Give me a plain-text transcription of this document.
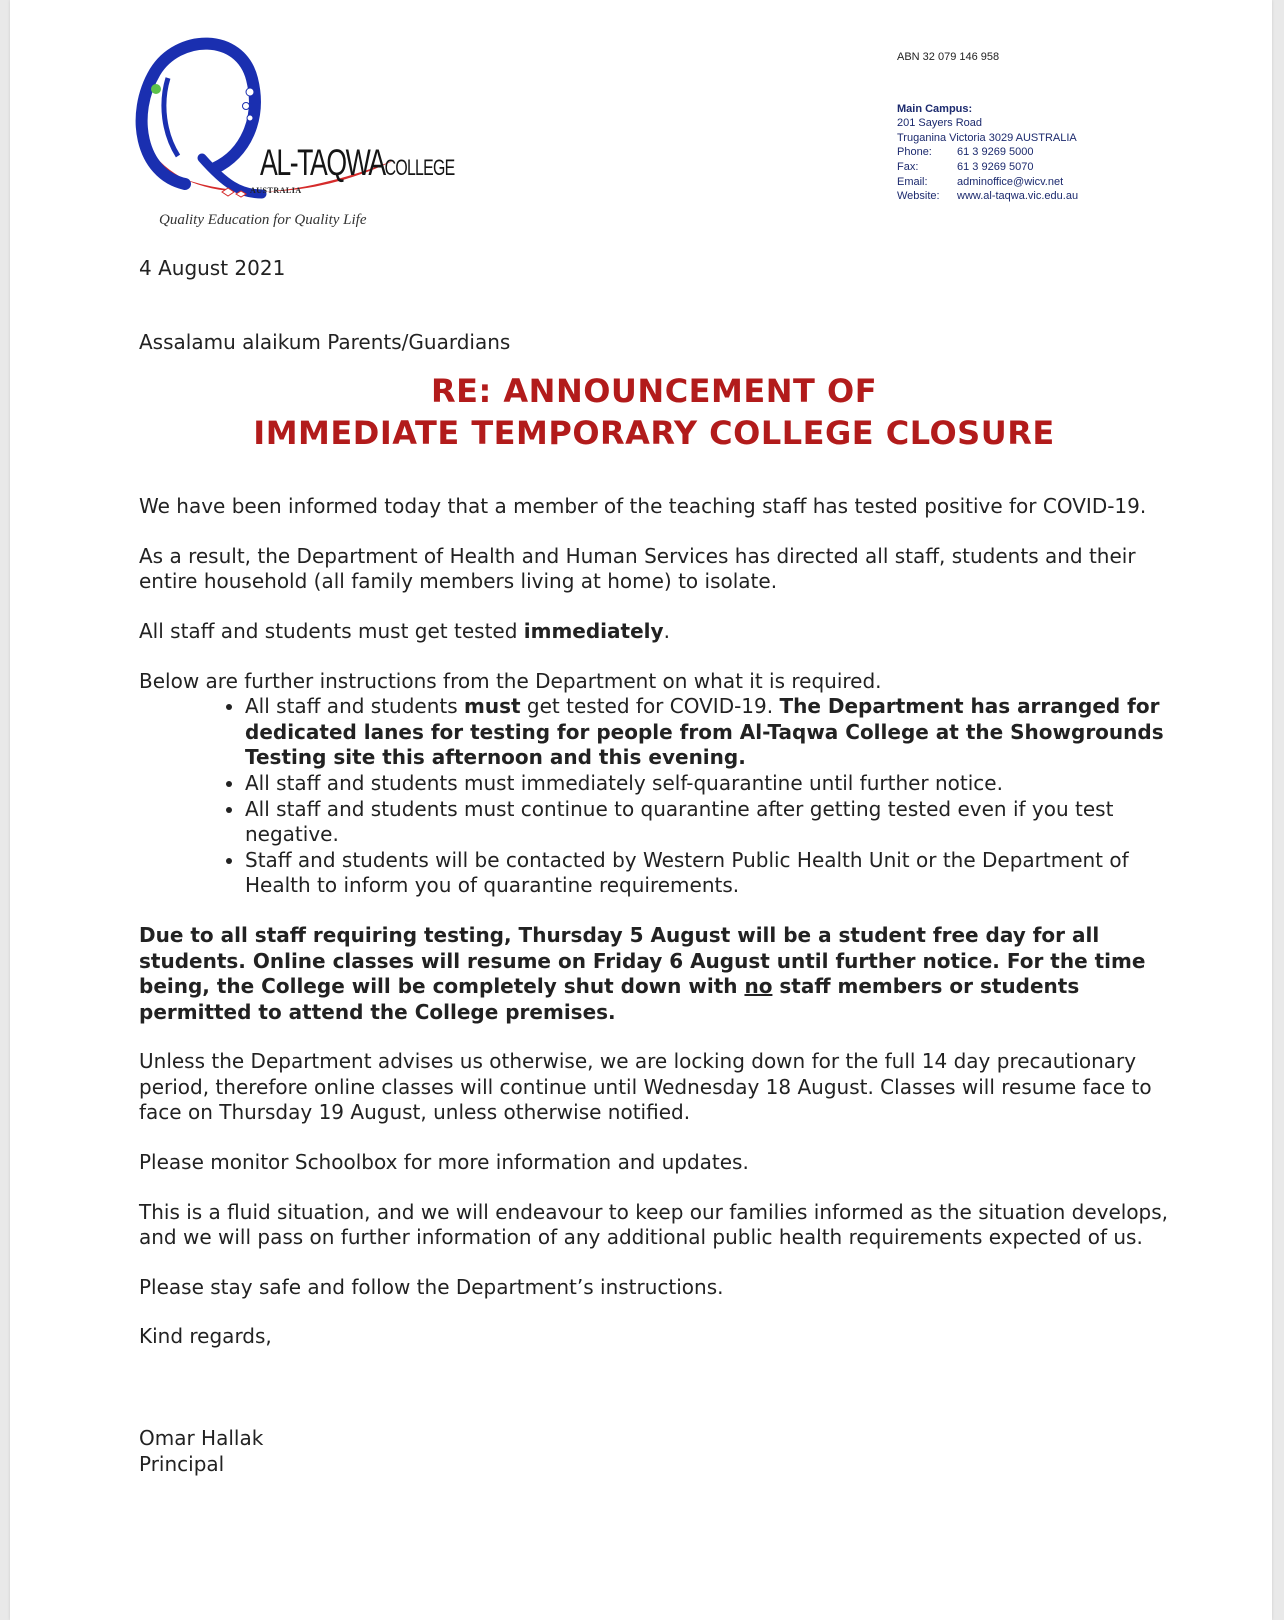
AL-TAQWACOLLEGE
AUSTRALIA
Quality Education for Quality Life
ABN 32 079 146 958
Main Campus:
201 Sayers Road
Truganina Victoria 3029 AUSTRALIA
Phone:	61 3 9269 5000
Fax:	61 3 9269 5070
Email:	adminoffice@wicv.net
Website:	www.al-taqwa.vic.edu.au
4 August 2021
Assalamu alaikum Parents/Guardians
RE: ANNOUNCEMENT OF
IMMEDIATE TEMPORARY COLLEGE CLOSURE

We have been informed today that a member of the teaching staff has tested positive for COVID-19.

As a result, the Department of Health and Human Services has directed all staff, students and their entire household (all family members living at home) to isolate.

All staff and students must get tested immediately.

Below are further instructions from the Department on what it is required.

• All staff and students must get tested for COVID-19. The Department has arranged for dedicated lanes for testing for people from Al-Taqwa College at the Showgrounds Testing site this afternoon and this evening.
• All staff and students must immediately self-quarantine until further notice.
• All staff and students must continue to quarantine after getting tested even if you test negative.
• Staff and students will be contacted by Western Public Health Unit or the Department of Health to inform you of quarantine requirements.

Due to all staff requiring testing, Thursday 5 August will be a student free day for all students. Online classes will resume on Friday 6 August until further notice. For the time being, the College will be completely shut down with no staff members or students permitted to attend the College premises.

Unless the Department advises us otherwise, we are locking down for the full 14 day precautionary period, therefore online classes will continue until Wednesday 18 August. Classes will resume face to face on Thursday 19 August, unless otherwise notified.

Please monitor Schoolbox for more information and updates.

This is a fluid situation, and we will endeavour to keep our families informed as the situation develops, and we will pass on further information of any additional public health requirements expected of us.

Please stay safe and follow the Department’s instructions.

Kind regards,

Omar Hallak
Principal
